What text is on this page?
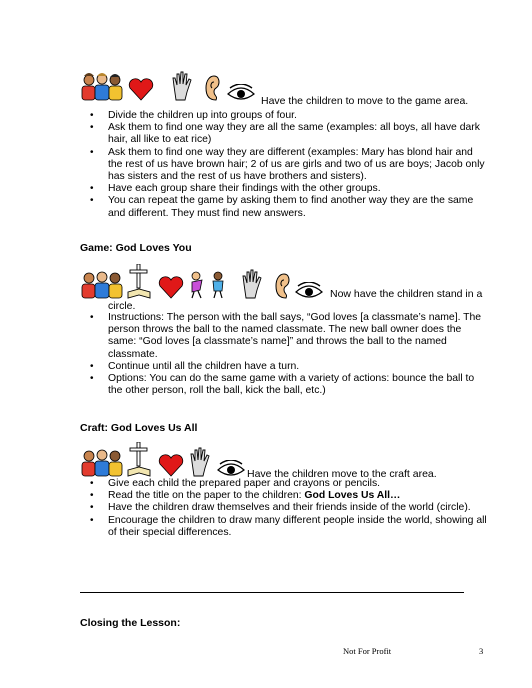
Have the children to move to the game area.
• Divide the children up into groups of four.
• Ask them to find one way they are all the same (examples: all boys, all have dark hair, all like to eat rice)
• Ask them to find one way they are different (examples: Mary has blond hair and the rest of us have brown hair; 2 of us are girls and two of us are boys; Jacob only has sisters and the rest of us have brothers and sisters).
• Have each group share their findings with the other groups.
• You can repeat the game by asking them to find another way they are the same and different. They must find new answers.
Game: God Loves You
Now have the children stand in a
circle.
• Instructions: The person with the ball says, “God loves [a classmate’s name]. The person throws the ball to the named classmate. The new ball owner does the same: “God loves [a classmate’s name]” and throws the ball to the named classmate.
• Continue until all the children have a turn.
• Options: You can do the same game with a variety of actions: bounce the ball to the other person, roll the ball, kick the ball, etc.)
Craft: God Loves Us All
Have the children move to the craft area.
• Give each child the prepared paper and crayons or pencils.
• Read the title on the paper to the children: God Loves Us All…
• Have the children draw themselves and their friends inside of the world (circle).
• Encourage the children to draw many different people inside the world, showing all of their special differences.
Closing the Lesson:
Not For Profit	3
